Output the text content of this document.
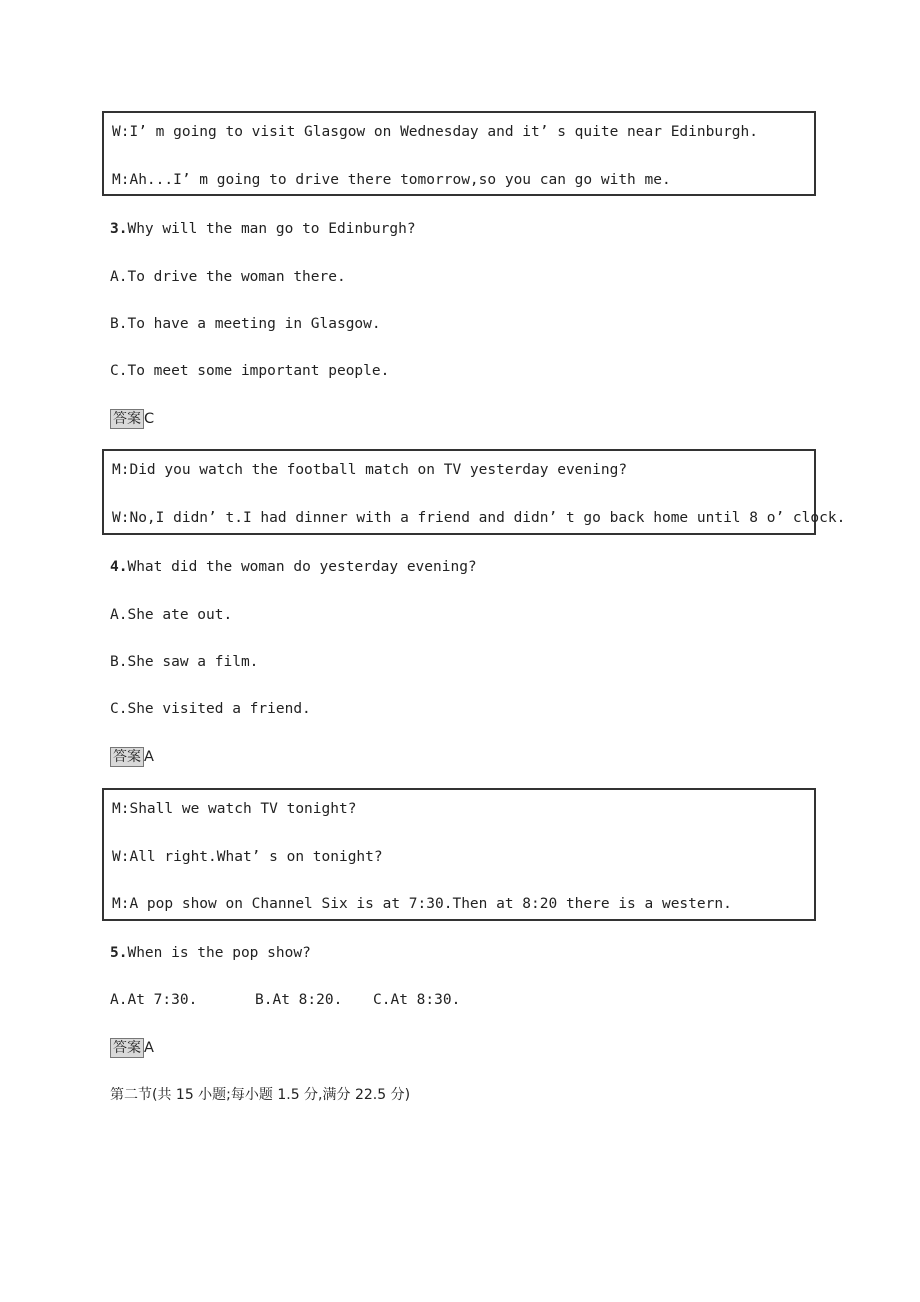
W:I’ m going to visit Glasgow on Wednesday and it’ s quite near Edinburgh.
M:Ah...I’ m going to drive there tomorrow,so you can go with me.
3.Why will the man go to Edinburgh?
A.To drive the woman there.
B.To have a meeting in Glasgow.
C.To meet some important people.
答案 C
M:Did you watch the football match on TV yesterday evening?
W:No,I didn’ t.I had dinner with a friend and didn’ t go back home until 8 o’ clock.
4.What did the woman do yesterday evening?
A.She ate out.
B.She saw a film.
C.She visited a friend.
答案 A
M:Shall we watch TV tonight?
W:All right.What’ s on tonight?
M:A pop show on Channel Six is at 7:30.Then at 8:20 there is a western.
5.When is the pop show?
A.At 7:30.	B.At 8:20. C.At 8:30.
答案 A
第二节(共 15 小题;每小题 1.5 分,满分 22.5 分)
